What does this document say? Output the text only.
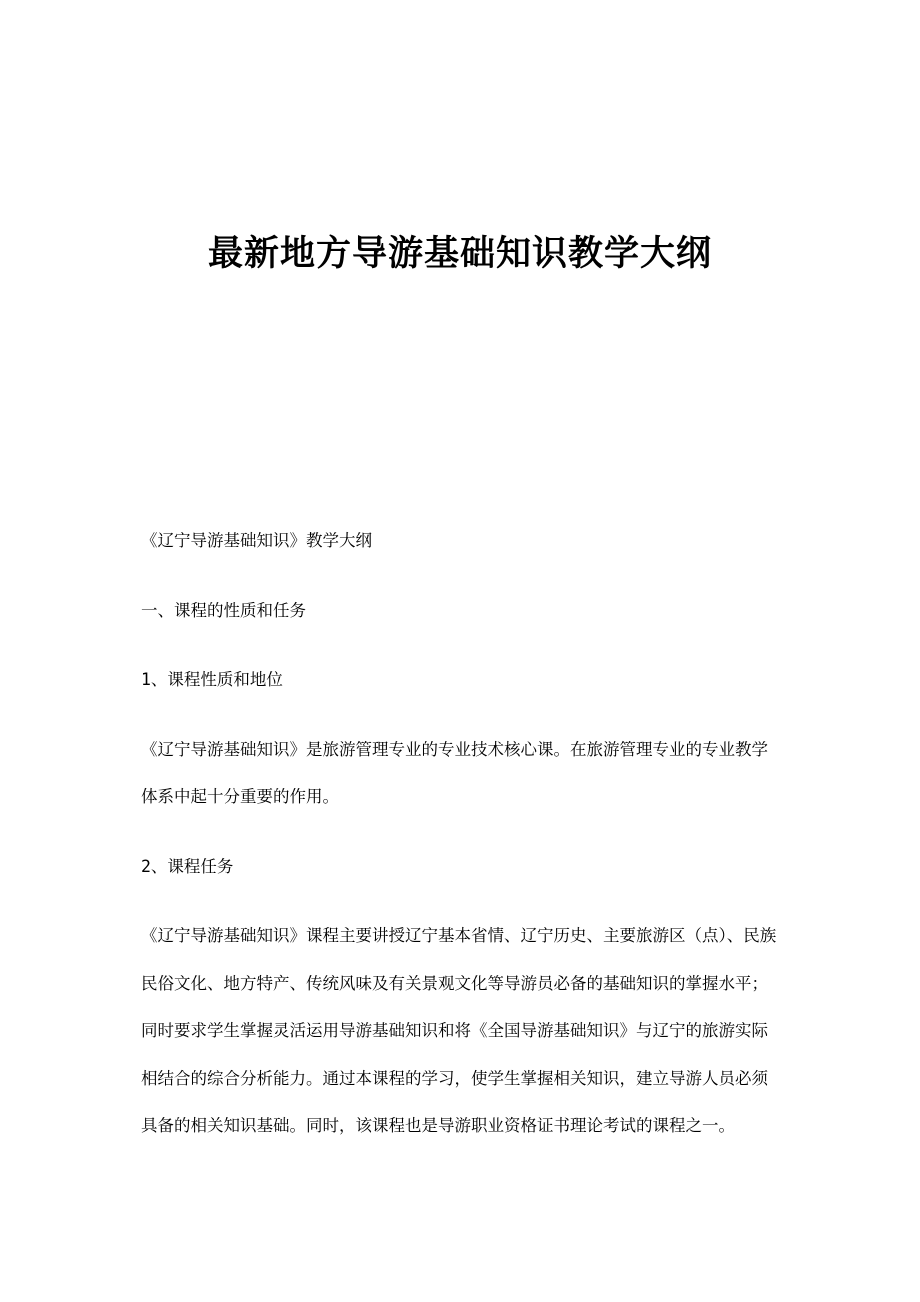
最新地方导游基础知识教学大纲

《辽宁导游基础知识》教学大纲

一、课程的性质和任务

1、课程性质和地位

《辽宁导游基础知识》是旅游管理专业的专业技术核心课。在旅游管理专业的专业教学体系中起十分重要的作用。

2、课程任务

《辽宁导游基础知识》课程主要讲授辽宁基本省情、辽宁历史、主要旅游区（点）、民族民俗文化、地方特产、传统风味及有关景观文化等导游员必备的基础知识的掌握水平；同时要求学生掌握灵活运用导游基础知识和将《全国导游基础知识》与辽宁的旅游实际相结合的综合分析能力。通过本课程的学习，使学生掌握相关知识，建立导游人员必须具备的相关知识基础。同时，该课程也是导游职业资格证书理论考试的课程之一。
